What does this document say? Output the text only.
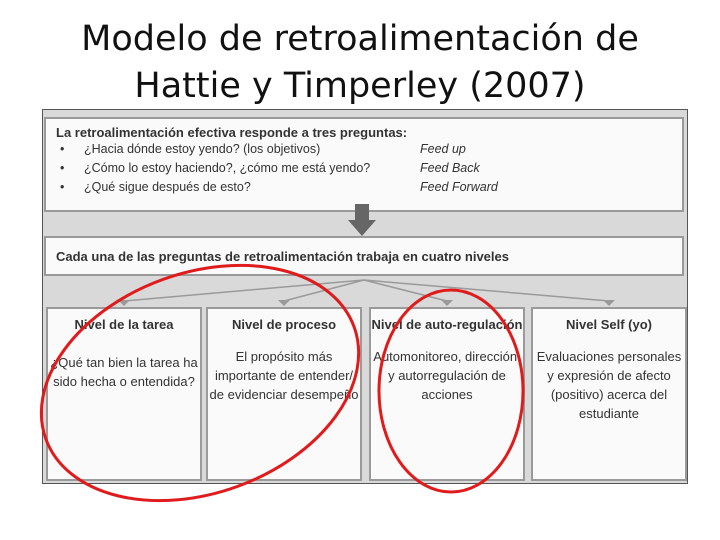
Modelo de retroalimentación de
Hattie y Timperley (2007)
La retroalimentación efectiva responde a tres preguntas:
• ¿Hacia dónde estoy yendo? (los objetivos)	Feed up
• ¿Cómo lo estoy haciendo?, ¿cómo me está yendo?	Feed Back
• ¿Qué sigue después de esto?	Feed Forward
Cada una de las preguntas de retroalimentación trabaja en cuatro niveles
Nivel de la tarea
¿Qué tan bien la tarea ha sido hecha o entendida?
Nivel de proceso
El propósito más importante de entender/ de evidenciar desempeño
Nivel de auto-regulación
Automonitoreo, dirección, y autorregulación de acciones
Nivel Self (yo)
Evaluaciones personales y expresión de afecto (positivo) acerca del estudiante
